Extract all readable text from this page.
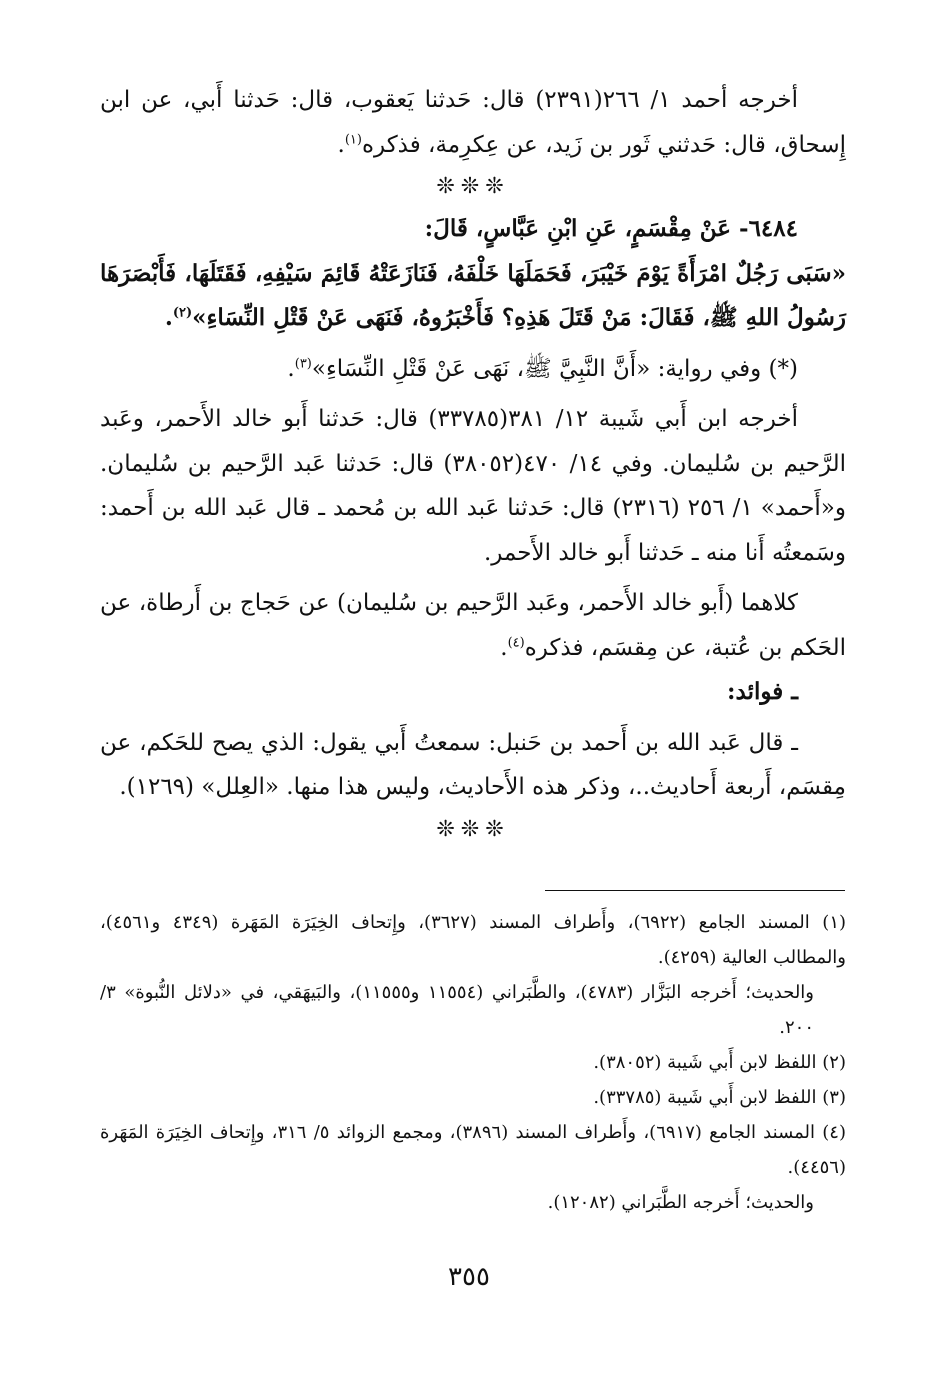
أخرجه أحمد ١/ ٢٦٦(٢٣٩١) قال: حَدثنا يَعقوب، قال: حَدثنا أَبي، عن ابن إِسحاق، قال: حَدثني ثَور بن زَيد، عن عِكرِمة، فذكره$^{(١)}$.

❊❊❊

٦٤٨٤- عَنْ مِقْسَمٍ، عَنِ ابْنِ عَبَّاسٍ، قَالَ:

«سَبَى رَجُلٌ امْرَأَةً يَوْمَ خَيْبَرَ، فَحَمَلَهَا خَلْفَهُ، فَنَازَعَتْهُ قَائِمَ سَيْفِهِ، فَقَتَلَهَا، فَأَبْصَرَهَا رَسُولُ اللهِ ﷺ، فَقَالَ: مَنْ قَتَلَ هَذِهِ؟ فَأَخْبَرُوهُ، فَنَهَى عَنْ قَتْلِ النِّسَاءِ»$^{(٢)}$.

(*) وفي رواية: «أَنَّ النَّبِيَّ ﷺ، نَهَى عَنْ قَتْلِ النِّسَاءِ»$^{(٣)}$.

أخرجه ابن أَبي شَيبة ١٢/ ٣٨١(٣٣٧٨٥) قال: حَدثنا أَبو خالد الأَحمر، وعَبد الرَّحيم بن سُليمان. وفي ١٤/ ٤٧٠(٣٨٠٥٢) قال: حَدثنا عَبد الرَّحيم بن سُليمان. و«أَحمد» ١/ ٢٥٦ (٢٣١٦) قال: حَدثنا عَبد الله بن مُحمد ـ قال عَبد الله بن أَحمد: وسَمعتُه أَنا منه ـ حَدثنا أَبو خالد الأَحمر.

كلاهما (أَبو خالد الأَحمر، وعَبد الرَّحيم بن سُليمان) عن حَجاج بن أَرطاة، عن الحَكم بن عُتبة، عن مِقسَم، فذكره$^{(٤)}$.

ـ فوائد:

ـ قال عَبد الله بن أَحمد بن حَنبل: سمعتُ أَبي يقول: الذي يصح للحَكم، عن مِقسَم، أَربعة أَحاديث..، وذكر هذه الأَحاديث، وليس هذا منها. «العِلل» (١٢٦٩).

❊❊❊

(١) المسند الجامع (٦٩٢٢)، وأَطراف المسند (٣٦٢٧)، وإِتحاف الخِيَرَة المَهَرة (٤٣٤٩ و٤٥٦١)، والمطالب العالية (٤٢٥٩).

والحديث؛ أَخرجه البَزَّار (٤٧٨٣)، والطَّبَراني (١١٥٥٤ و١١٥٥٥)، والبَيهَقي، في «دلائل النُّبوة» ٣/ ٢٠٠.

(٢) اللفظ لابن أَبي شَيبة (٣٨٠٥٢).

(٣) اللفظ لابن أَبي شَيبة (٣٣٧٨٥).

(٤) المسند الجامع (٦٩١٧)، وأَطراف المسند (٣٨٩٦)، ومجمع الزوائد ٥/ ٣١٦، وإِتحاف الخِيَرَة المَهَرة (٤٤٥٦).

والحديث؛ أَخرجه الطَّبَراني (١٢٠٨٢).

٣٥٥
